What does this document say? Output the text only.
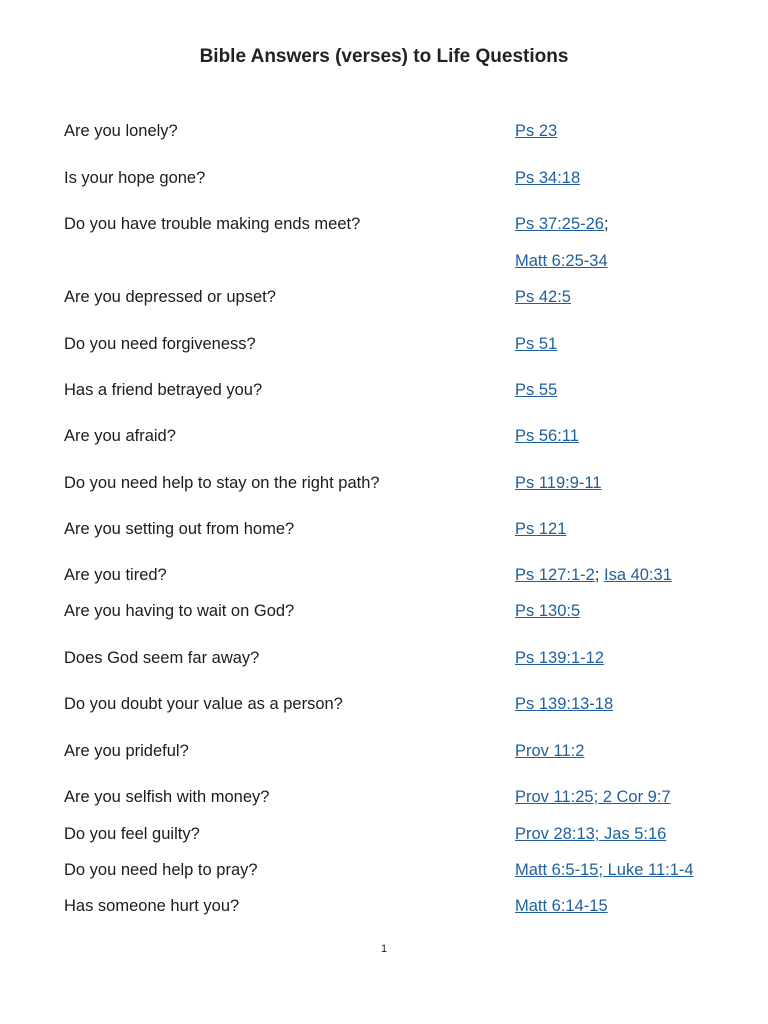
Bible Answers (verses) to Life Questions
Are you lonely?	Ps 23
Is your hope gone?	Ps 34:18
Do you have trouble making ends meet?	Ps 37:25-26;
Matt 6:25-34
Are you depressed or upset?	Ps 42:5
Do you need forgiveness?	Ps 51
Has a friend betrayed you?	Ps 55
Are you afraid?	Ps 56:11
Do you need help to stay on the right path?	Ps 119:9-11
Are you setting out from home?	Ps 121
Are you tired?	Ps 127:1-2; Isa 40:31
Are you having to wait on God?	Ps 130:5
Does God seem far away?	Ps 139:1-12
Do you doubt your value as a person?	Ps 139:13-18
Are you prideful?	Prov 11:2
Are you selfish with money?	Prov 11:25; 2 Cor 9:7
Do you feel guilty?	Prov 28:13; Jas 5:16
Do you need help to pray?	Matt 6:5-15; Luke 11:1-4
Has someone hurt you?	Matt 6:14-15
1
